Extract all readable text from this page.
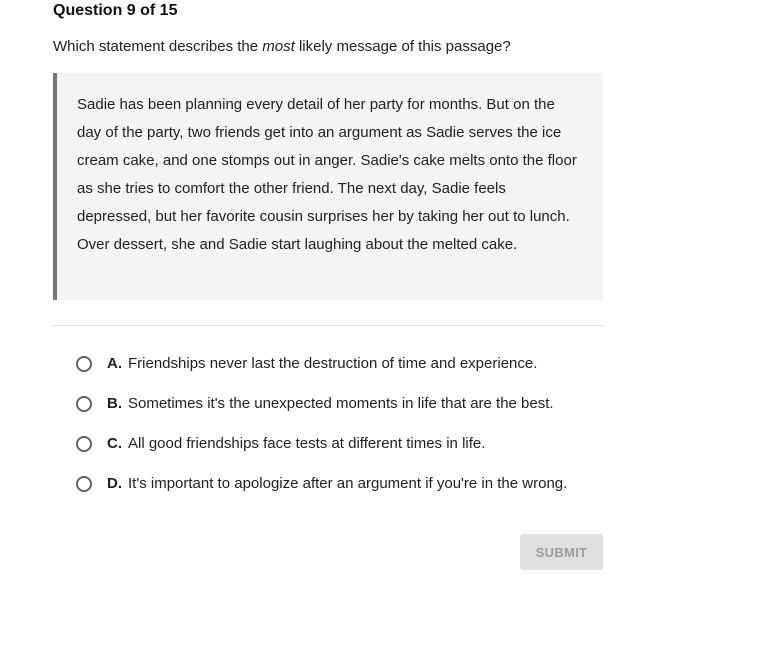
Question 9 of 15
Which statement describes the most likely message of this passage?

Sadie has been planning every detail of her party for months. But on the day of the party, two friends get into an argument as Sadie serves the ice cream cake, and one stomps out in anger. Sadie's cake melts onto the floor as she tries to comfort the other friend. The next day, Sadie feels depressed, but her favorite cousin surprises her by taking her out to lunch. Over dessert, she and Sadie start laughing about the melted cake.

A. Friendships never last the destruction of time and experience.
B. Sometimes it's the unexpected moments in life that are the best.
C. All good friendships face tests at different times in life.
D. It's important to apologize after an argument if you're in the wrong.
SUBMIT
